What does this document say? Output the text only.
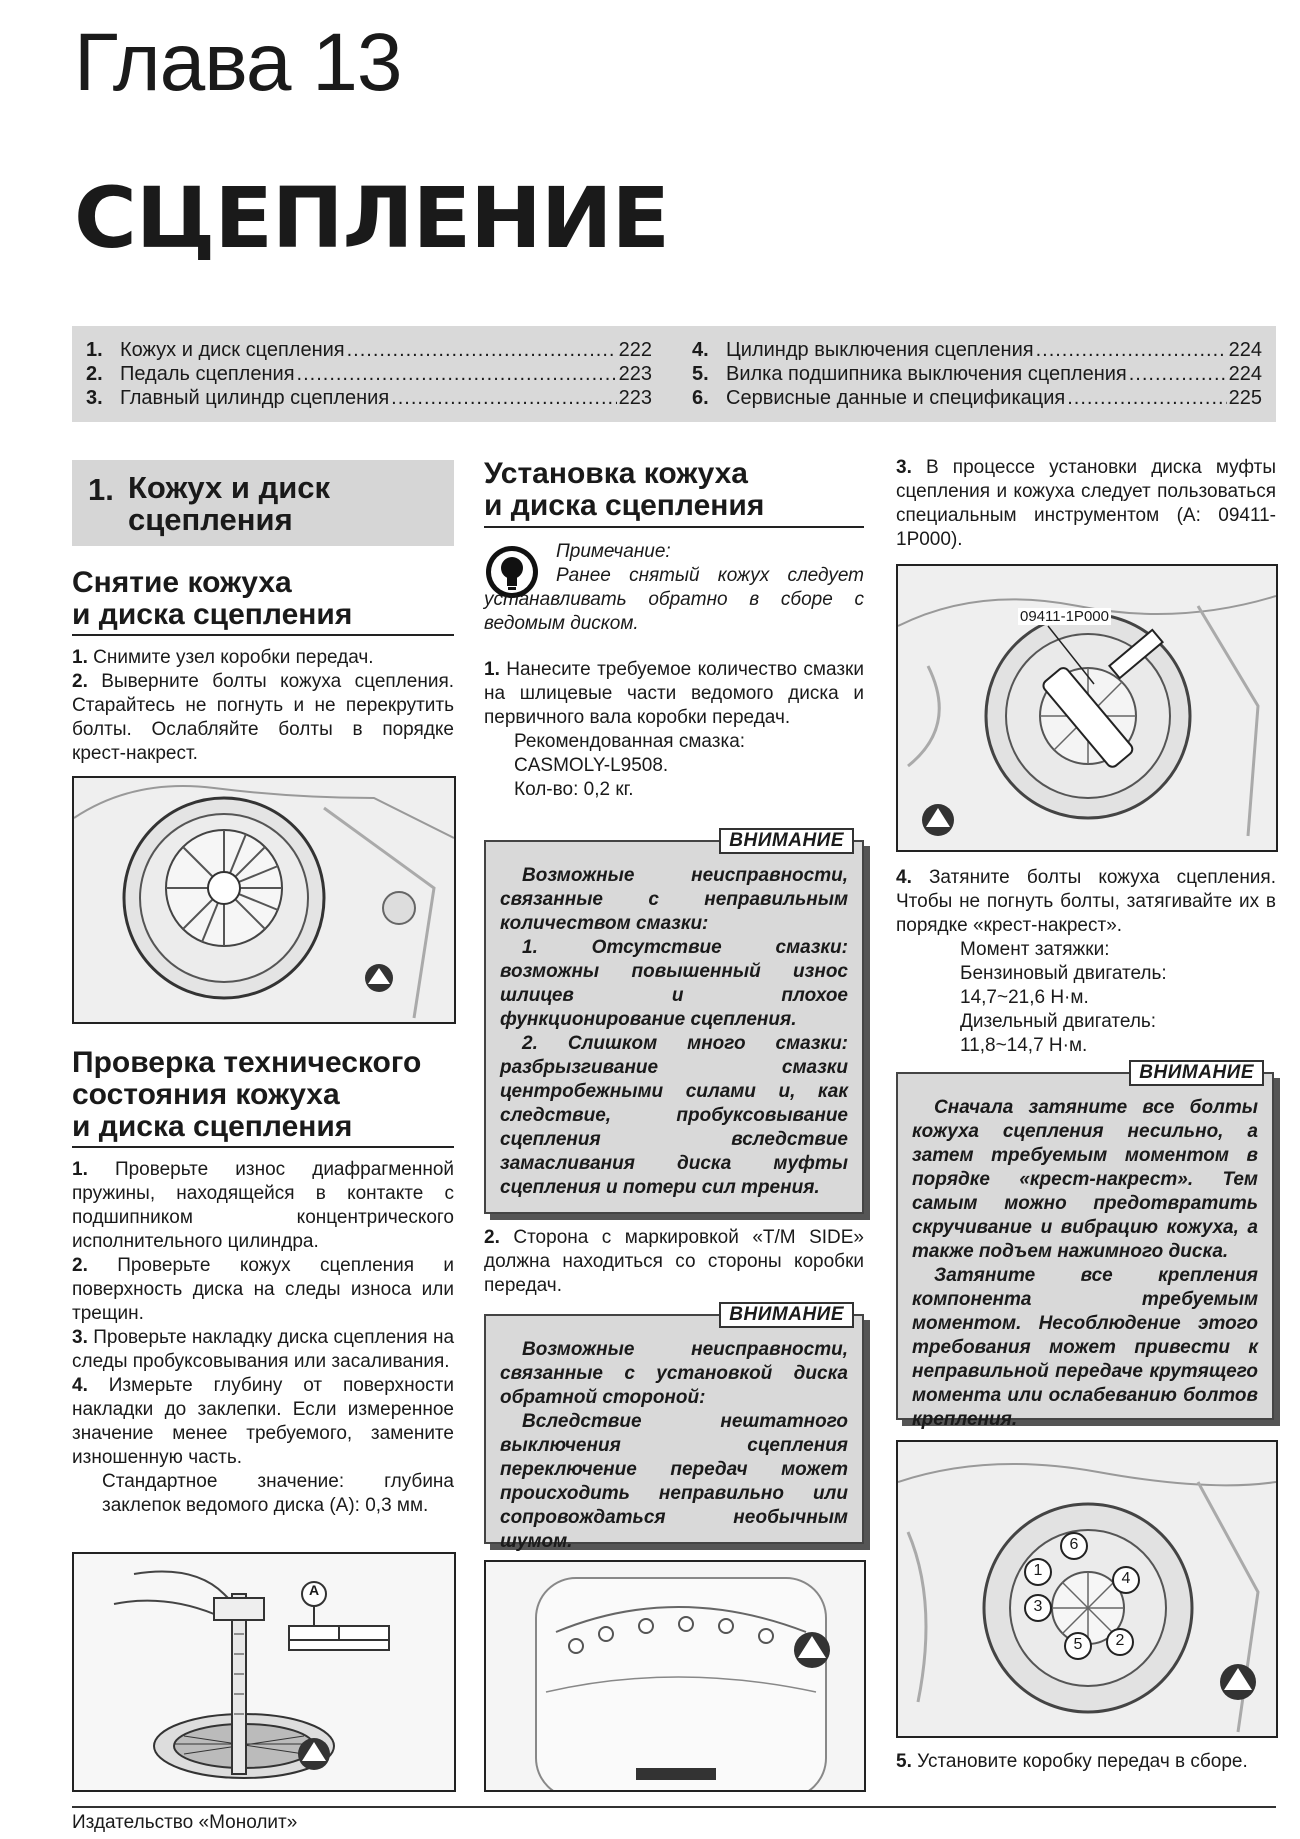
Глава 13
СЦЕПЛЕНИЕ
1. Кожух и диск сцепления .....	222
2. Педаль сцепления .....	223
3. Главный цилиндр сцепления .....	223
4. Цилиндр выключения сцепления .....	224
5. Вилка подшипника выключения сцепления .....	224
6. Сервисные данные и спецификация .....	225
1. Кожух и диск
сцепления
Снятие кожуха
и диска сцепления
1. Снимите узел коробки передач.
2. Выверните болты кожуха сцепления. Старайтесь не погнуть и не перекрутить болты. Ослабляйте болты в порядке крест-накрест.
Проверка технического
состояния кожуха
и диска сцепления
1. Проверьте износ диафрагменной пружины, находящейся в контакте с подшипником концентрического исполнительного цилиндра.
2. Проверьте кожух сцепления и поверхность диска на следы износа или трещин.
3. Проверьте накладку диска сцепления на следы пробуксовывания или засаливания.
4. Измерьте глубину от поверхности накладки до заклепки. Если измеренное значение менее требуемого, замените изношенную часть.
Стандартное значение: глубина заклепок ведомого диска (А): 0,3 мм.
A
Установка кожуха
и диска сцепления
Примечание:
Ранее снятый кожух следует устанавливать обратно в сборе с ведомым диском.
1. Нанесите требуемое количество смазки на шлицевые части ведомого диска и первичного вала коробки передач.
Рекомендованная смазка:
CASMOLY-L9508.
Кол-во: 0,2 кг.
ВНИМАНИЕ
Возможные неисправности, связанные с неправильным количеством смазки:
1. Отсутствие смазки: возможны повышенный износ шлицев и плохое функционирование сцепления.
2. Слишком много смазки: разбрызгивание смазки центробежными силами и, как следствие, пробуксовывание сцепления вследствие замасливания диска муфты сцепления и потери сил трения.
2. Сторона с маркировкой «T/M SIDE» должна находиться со стороны коробки передач.
ВНИМАНИЕ
Возможные неисправности, связанные с установкой диска обратной стороной:
Вследствие нештатного выключения сцепления переключение передач может происходить неправильно или сопровождаться необычным шумом.
3. В процессе установки диска муфты сцепления и кожуха следует пользоваться специальным инструментом (А: 09411-1Р000).
09411-1P000
4. Затяните болты кожуха сцепления. Чтобы не погнуть болты, затягивайте их в порядке «крест-накрест».
Момент затяжки:
Бензиновый двигатель:
14,7~21,6 Н·м.
Дизельный двигатель:
11,8~14,7 Н·м.
ВНИМАНИЕ
Сначала затяните все болты кожуха сцепления несильно, а затем требуемым моментом в порядке «крест-накрест». Тем самым можно предотвратить скручивание и вибрацию кожуха, а также подъем нажимного диска.
Затяните все крепления компонента требуемым моментом. Несоблюдение этого требования может привести к неправильной передаче крутящего момента или ослабеванию болтов крепления.
1
2
3
4
5
6
5. Установите коробку передач в сборе.
Издательство «Монолит»
